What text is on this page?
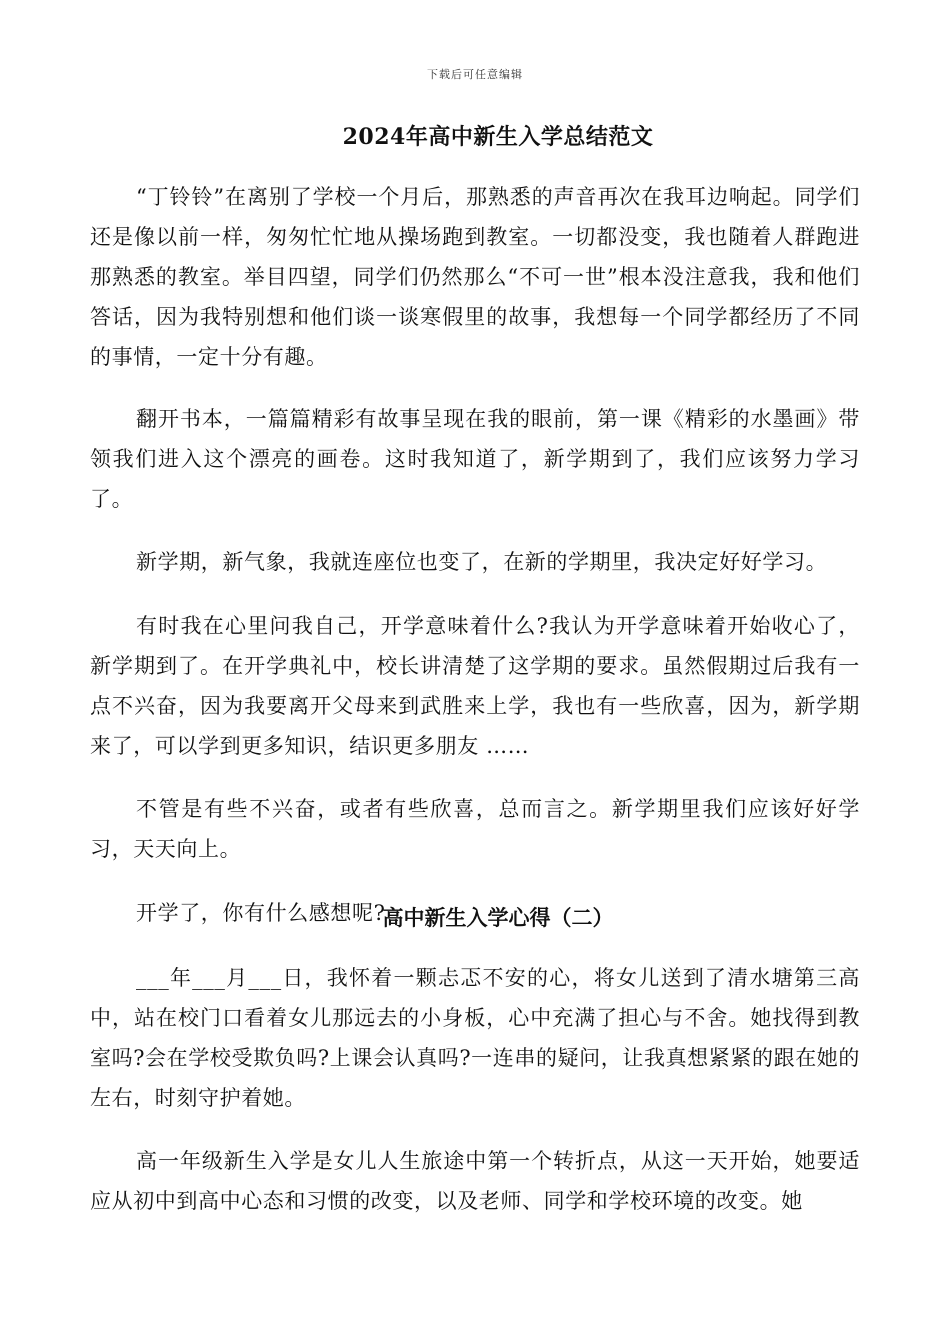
下载后可任意编辑
2024年高中新生入学总结范文

“丁铃铃”在离别了学校一个月后，那熟悉的声音再次在我耳边响起。同学们还是像以前一样，匆匆忙忙地从操场跑到教室。一切都没变，我也随着人群跑进那熟悉的教室。举目四望，同学们仍然那么“不可一世”根本没注意我，我和他们答话，因为我特别想和他们谈一谈寒假里的故事，我想每一个同学都经历了不同的事情，一定十分有趣。

翻开书本，一篇篇精彩有故事呈现在我的眼前，第一课《精彩的水墨画》带领我们进入这个漂亮的画卷。这时我知道了，新学期到了，我们应该努力学习了。

新学期，新气象，我就连座位也变了，在新的学期里，我决定好好学习。

有时我在心里问我自己，开学意味着什么?我认为开学意味着开始收心了，新学期到了。在开学典礼中，校长讲清楚了这学期的要求。虽然假期过后我有一点不兴奋，因为我要离开父母来到武胜来上学，我也有一些欣喜，因为，新学期来了，可以学到更多知识，结识更多朋友 ……

不管是有些不兴奋，或者有些欣喜，总而言之。新学期里我们应该好好学习，天天向上。

开学了，你有什么感想呢?

高中新生入学心得（二）

___年___月___日，我怀着一颗忐忑不安的心，将女儿送到了清水塘第三高中，站在校门口看着女儿那远去的小身板，心中充满了担心与不舍。她找得到教室吗?会在学校受欺负吗?上课会认真吗?一连串的疑问，让我真想紧紧的跟在她的左右，时刻守护着她。

高一年级新生入学是女儿人生旅途中第一个转折点，从这一天开始，她要适应从初中到高中心态和习惯的改变，以及老师、同学和学校环境的改变。她
